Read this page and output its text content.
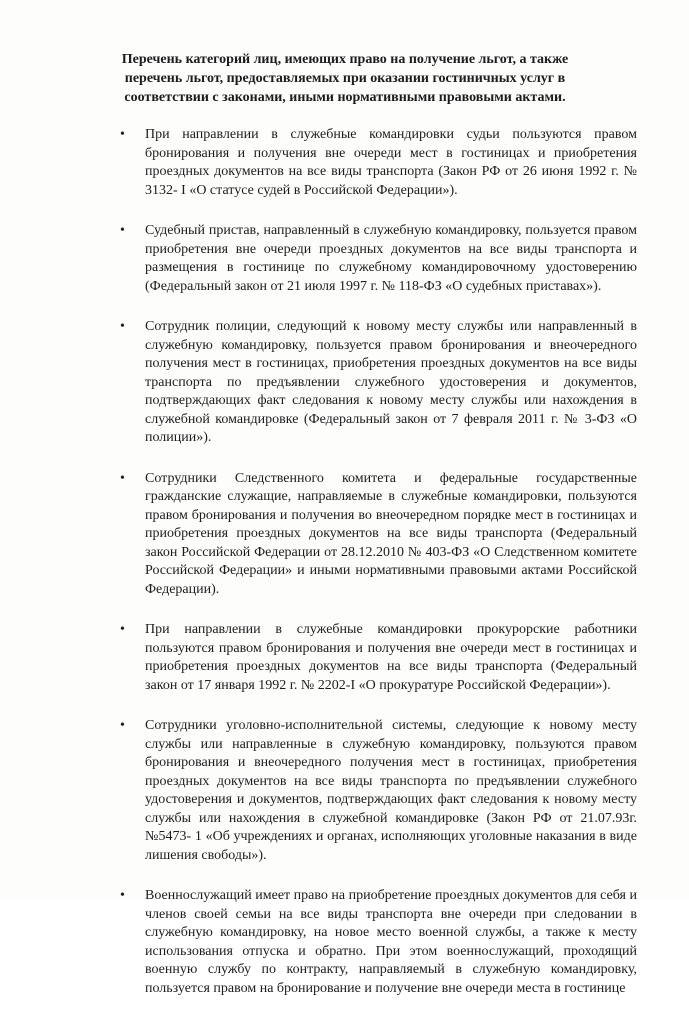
Перечень категорий лиц, имеющих право на получение льгот, а также перечень льгот, предоставляемых при оказании гостиничных услуг в соответствии с законами, иными нормативными правовыми актами.
• При направлении в служебные командировки судьи пользуются правом бронирования и получения вне очереди мест в гостиницах и приобретения проездных документов на все виды транспорта (Закон РФ от 26 июня 1992 г. № 3132- I «О статусе судей в Российской Федерации»).

• Судебный пристав, направленный в служебную командировку, пользуется правом приобретения вне очереди проездных документов на все виды транспорта и размещения в гостинице по служебному командировочному удостоверению (Федеральный закон от 21 июля 1997 г. № 118-ФЗ «О судебных приставах»).

• Сотрудник полиции, следующий к новому месту службы или направленный в служебную командировку, пользуется правом бронирования и внеочередного получения мест в гостиницах, приобретения проездных документов на все виды транспорта по предъявлении служебного удостоверения и документов, подтверждающих факт следования к новому месту службы или нахождения в служебной командировке (Федеральный закон от 7 февраля 2011 г. № 3-ФЗ «О полиции»).

• Сотрудники Следственного комитета и федеральные государственные гражданские служащие, направляемые в служебные командировки, пользуются правом бронирования и получения во внеочередном порядке мест в гостиницах и приобретения проездных документов на все виды транспорта (Федеральный закон Российской Федерации от 28.12.2010 № 403-ФЗ «О Следственном комитете Российской Федерации» и иными нормативными правовыми актами Российской Федерации).

• При направлении в служебные командировки прокурорские работники пользуются правом бронирования и получения вне очереди мест в гостиницах и приобретения проездных документов на все виды транспорта (Федеральный закон от 17 января 1992 г. № 2202-I «О прокуратуре Российской Федерации»).

• Сотрудники уголовно-исполнительной системы, следующие к новому месту службы или направленные в служебную командировку, пользуются правом бронирования и внеочередного получения мест в гостиницах, приобретения проездных документов на все виды транспорта по предъявлении служебного удостоверения и документов, подтверждающих факт следования к новому месту службы или нахождения в служебной командировке (Закон РФ от 21.07.93г. №5473- 1 «Об учреждениях и органах, исполняющих уголовные наказания в виде лишения свободы»).

• Военнослужащий имеет право на приобретение проездных документов для себя и членов своей семьи на все виды транспорта вне очереди при следовании в служебную командировку, на новое место военной службы, а также к месту использования отпуска и обратно. При этом военнослужащий, проходящий военную службу по контракту, направляемый в служебную командировку, пользуется правом на бронирование и получение вне очереди места в гостинице
